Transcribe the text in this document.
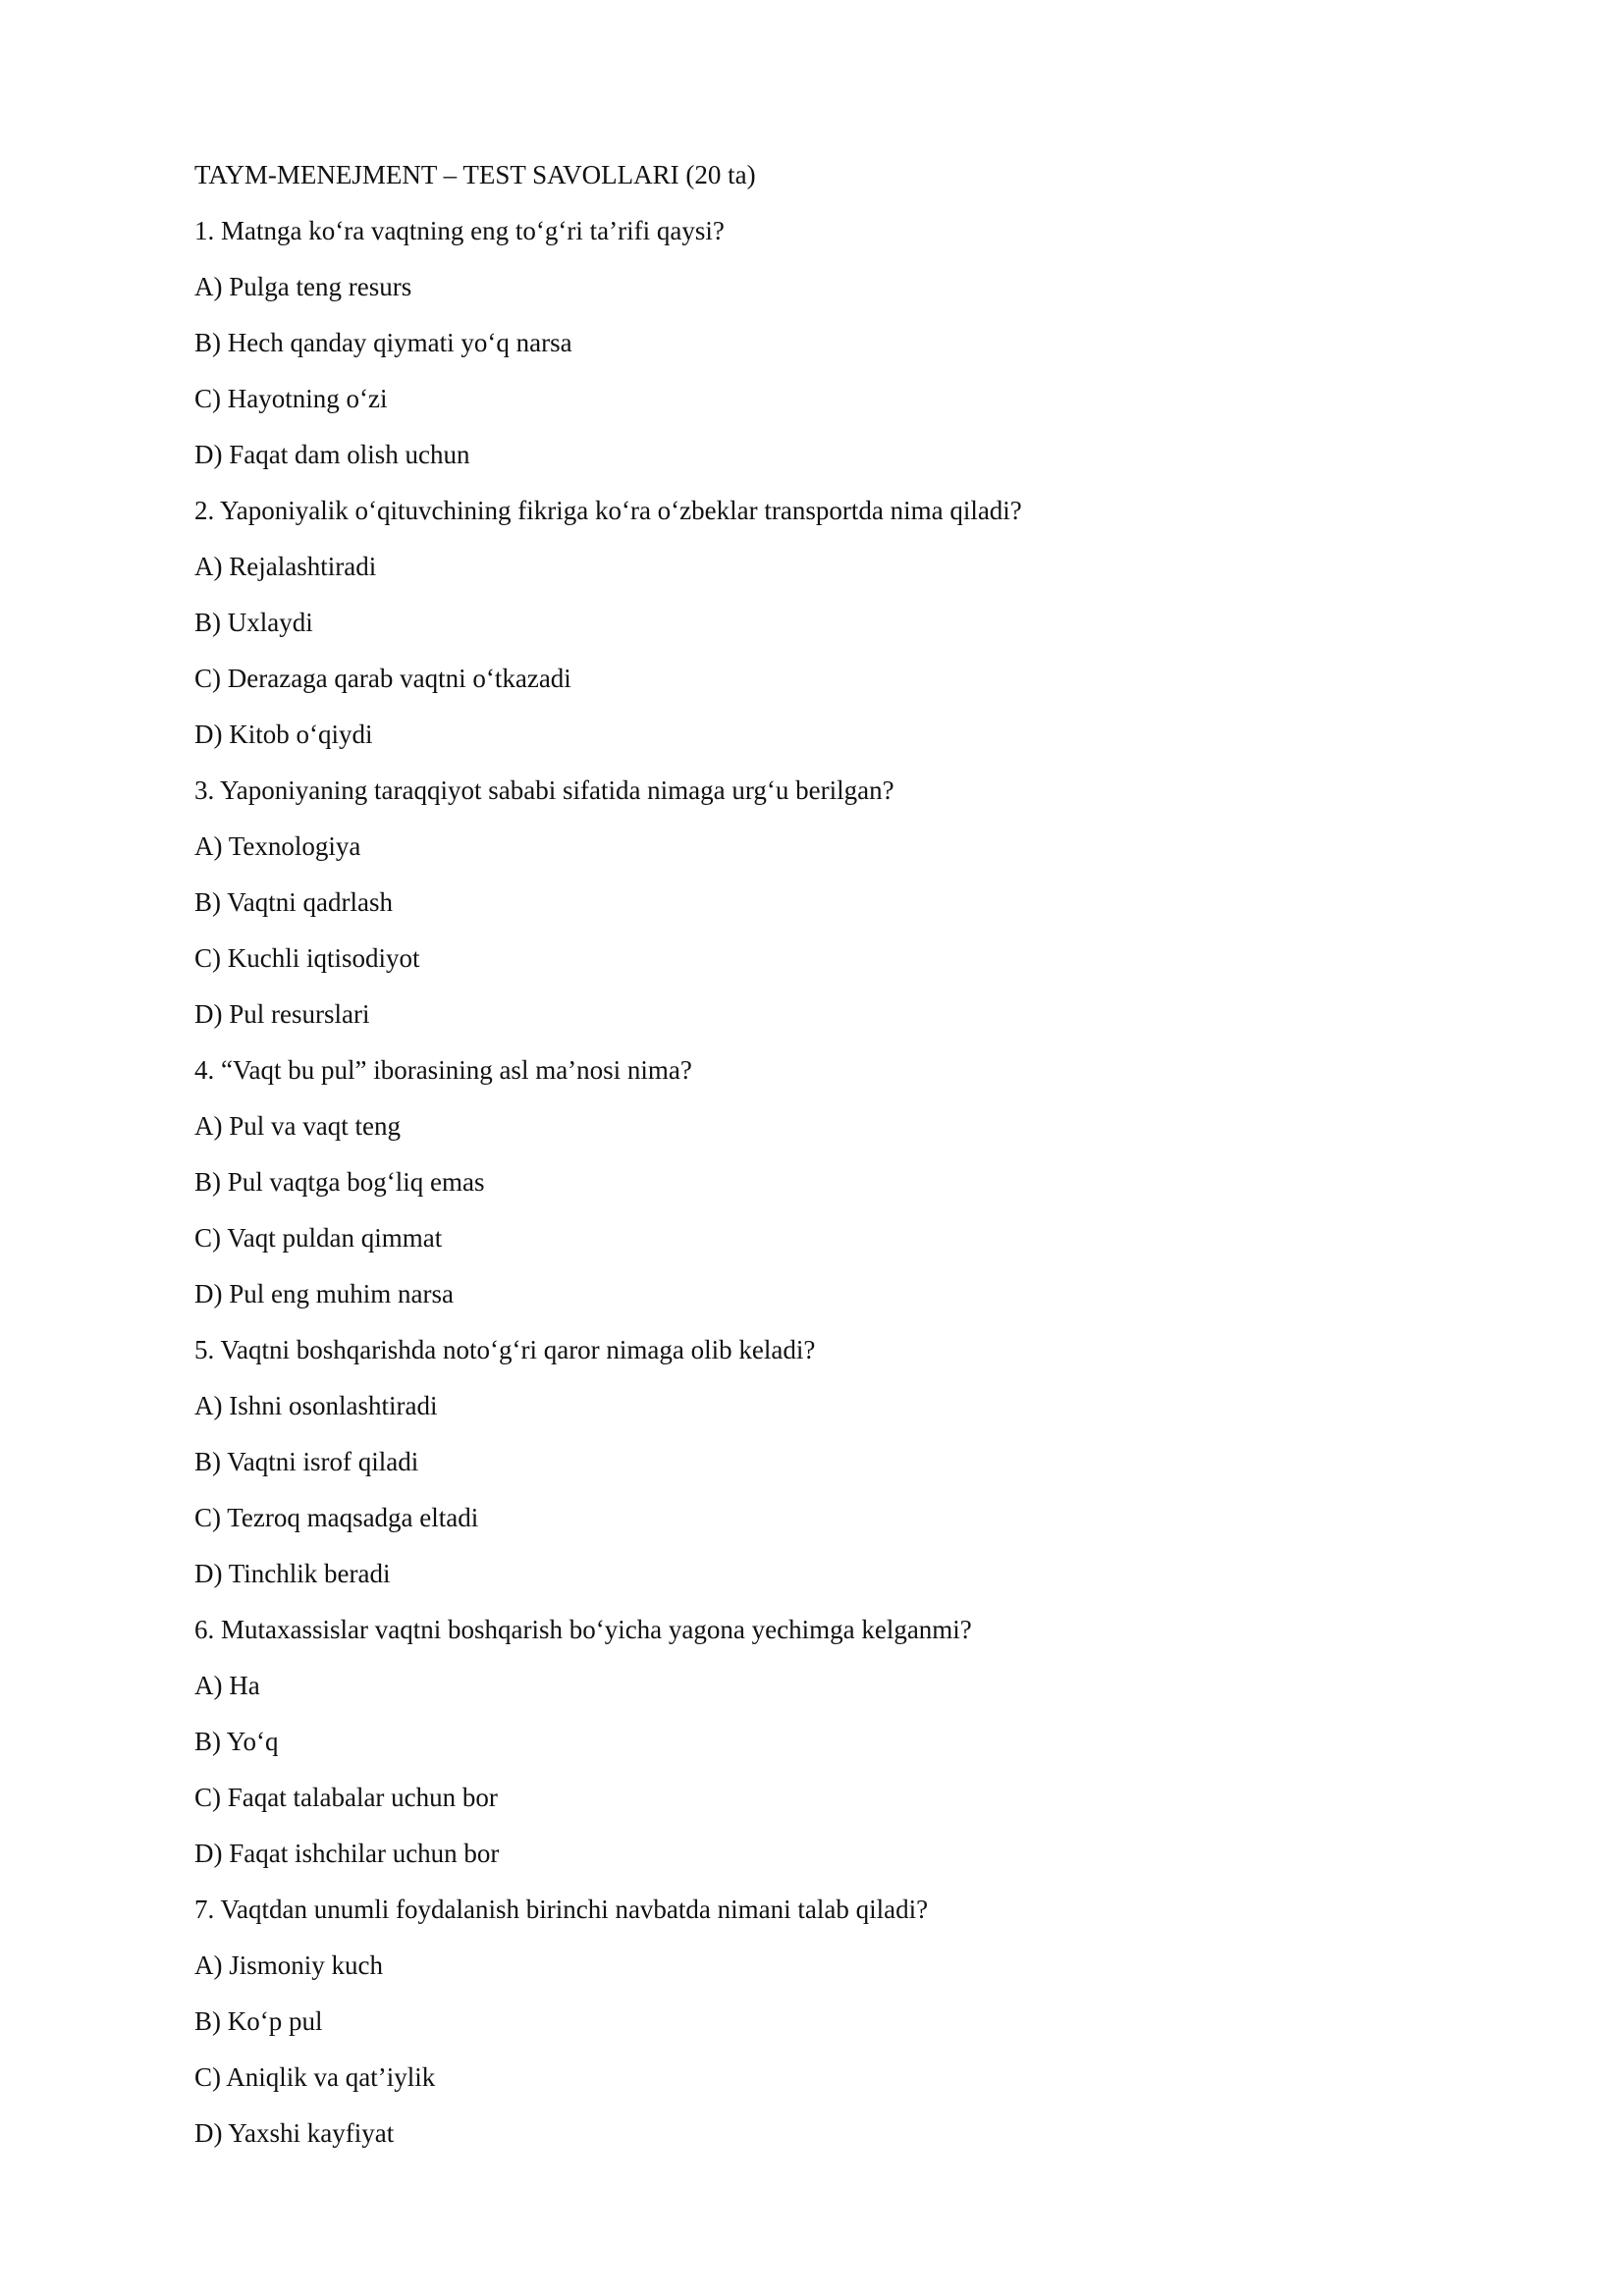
TAYM-MENEJMENT – TEST SAVOLLARI (20 ta)

1. Matnga ko‘ra vaqtning eng to‘g‘ri ta’rifi qaysi?

A) Pulga teng resurs

B) Hech qanday qiymati yo‘q narsa

C) Hayotning o‘zi

D) Faqat dam olish uchun

2. Yaponiyalik o‘qituvchining fikriga ko‘ra o‘zbeklar transportda nima qiladi?

A) Rejalashtiradi

B) Uxlaydi

C) Derazaga qarab vaqtni o‘tkazadi

D) Kitob o‘qiydi

3. Yaponiyaning taraqqiyot sababi sifatida nimaga urg‘u berilgan?

A) Texnologiya

B) Vaqtni qadrlash

C) Kuchli iqtisodiyot

D) Pul resurslari

4. “Vaqt bu pul” iborasining asl ma’nosi nima?

A) Pul va vaqt teng

B) Pul vaqtga bog‘liq emas

C) Vaqt puldan qimmat

D) Pul eng muhim narsa

5. Vaqtni boshqarishda noto‘g‘ri qaror nimaga olib keladi?

A) Ishni osonlashtiradi

B) Vaqtni isrof qiladi

C) Tezroq maqsadga eltadi

D) Tinchlik beradi

6. Mutaxassislar vaqtni boshqarish bo‘yicha yagona yechimga kelganmi?

A) Ha

B) Yo‘q

C) Faqat talabalar uchun bor

D) Faqat ishchilar uchun bor

7. Vaqtdan unumli foydalanish birinchi navbatda nimani talab qiladi?

A) Jismoniy kuch

B) Ko‘p pul

C) Aniqlik va qat’iylik

D) Yaxshi kayfiyat
